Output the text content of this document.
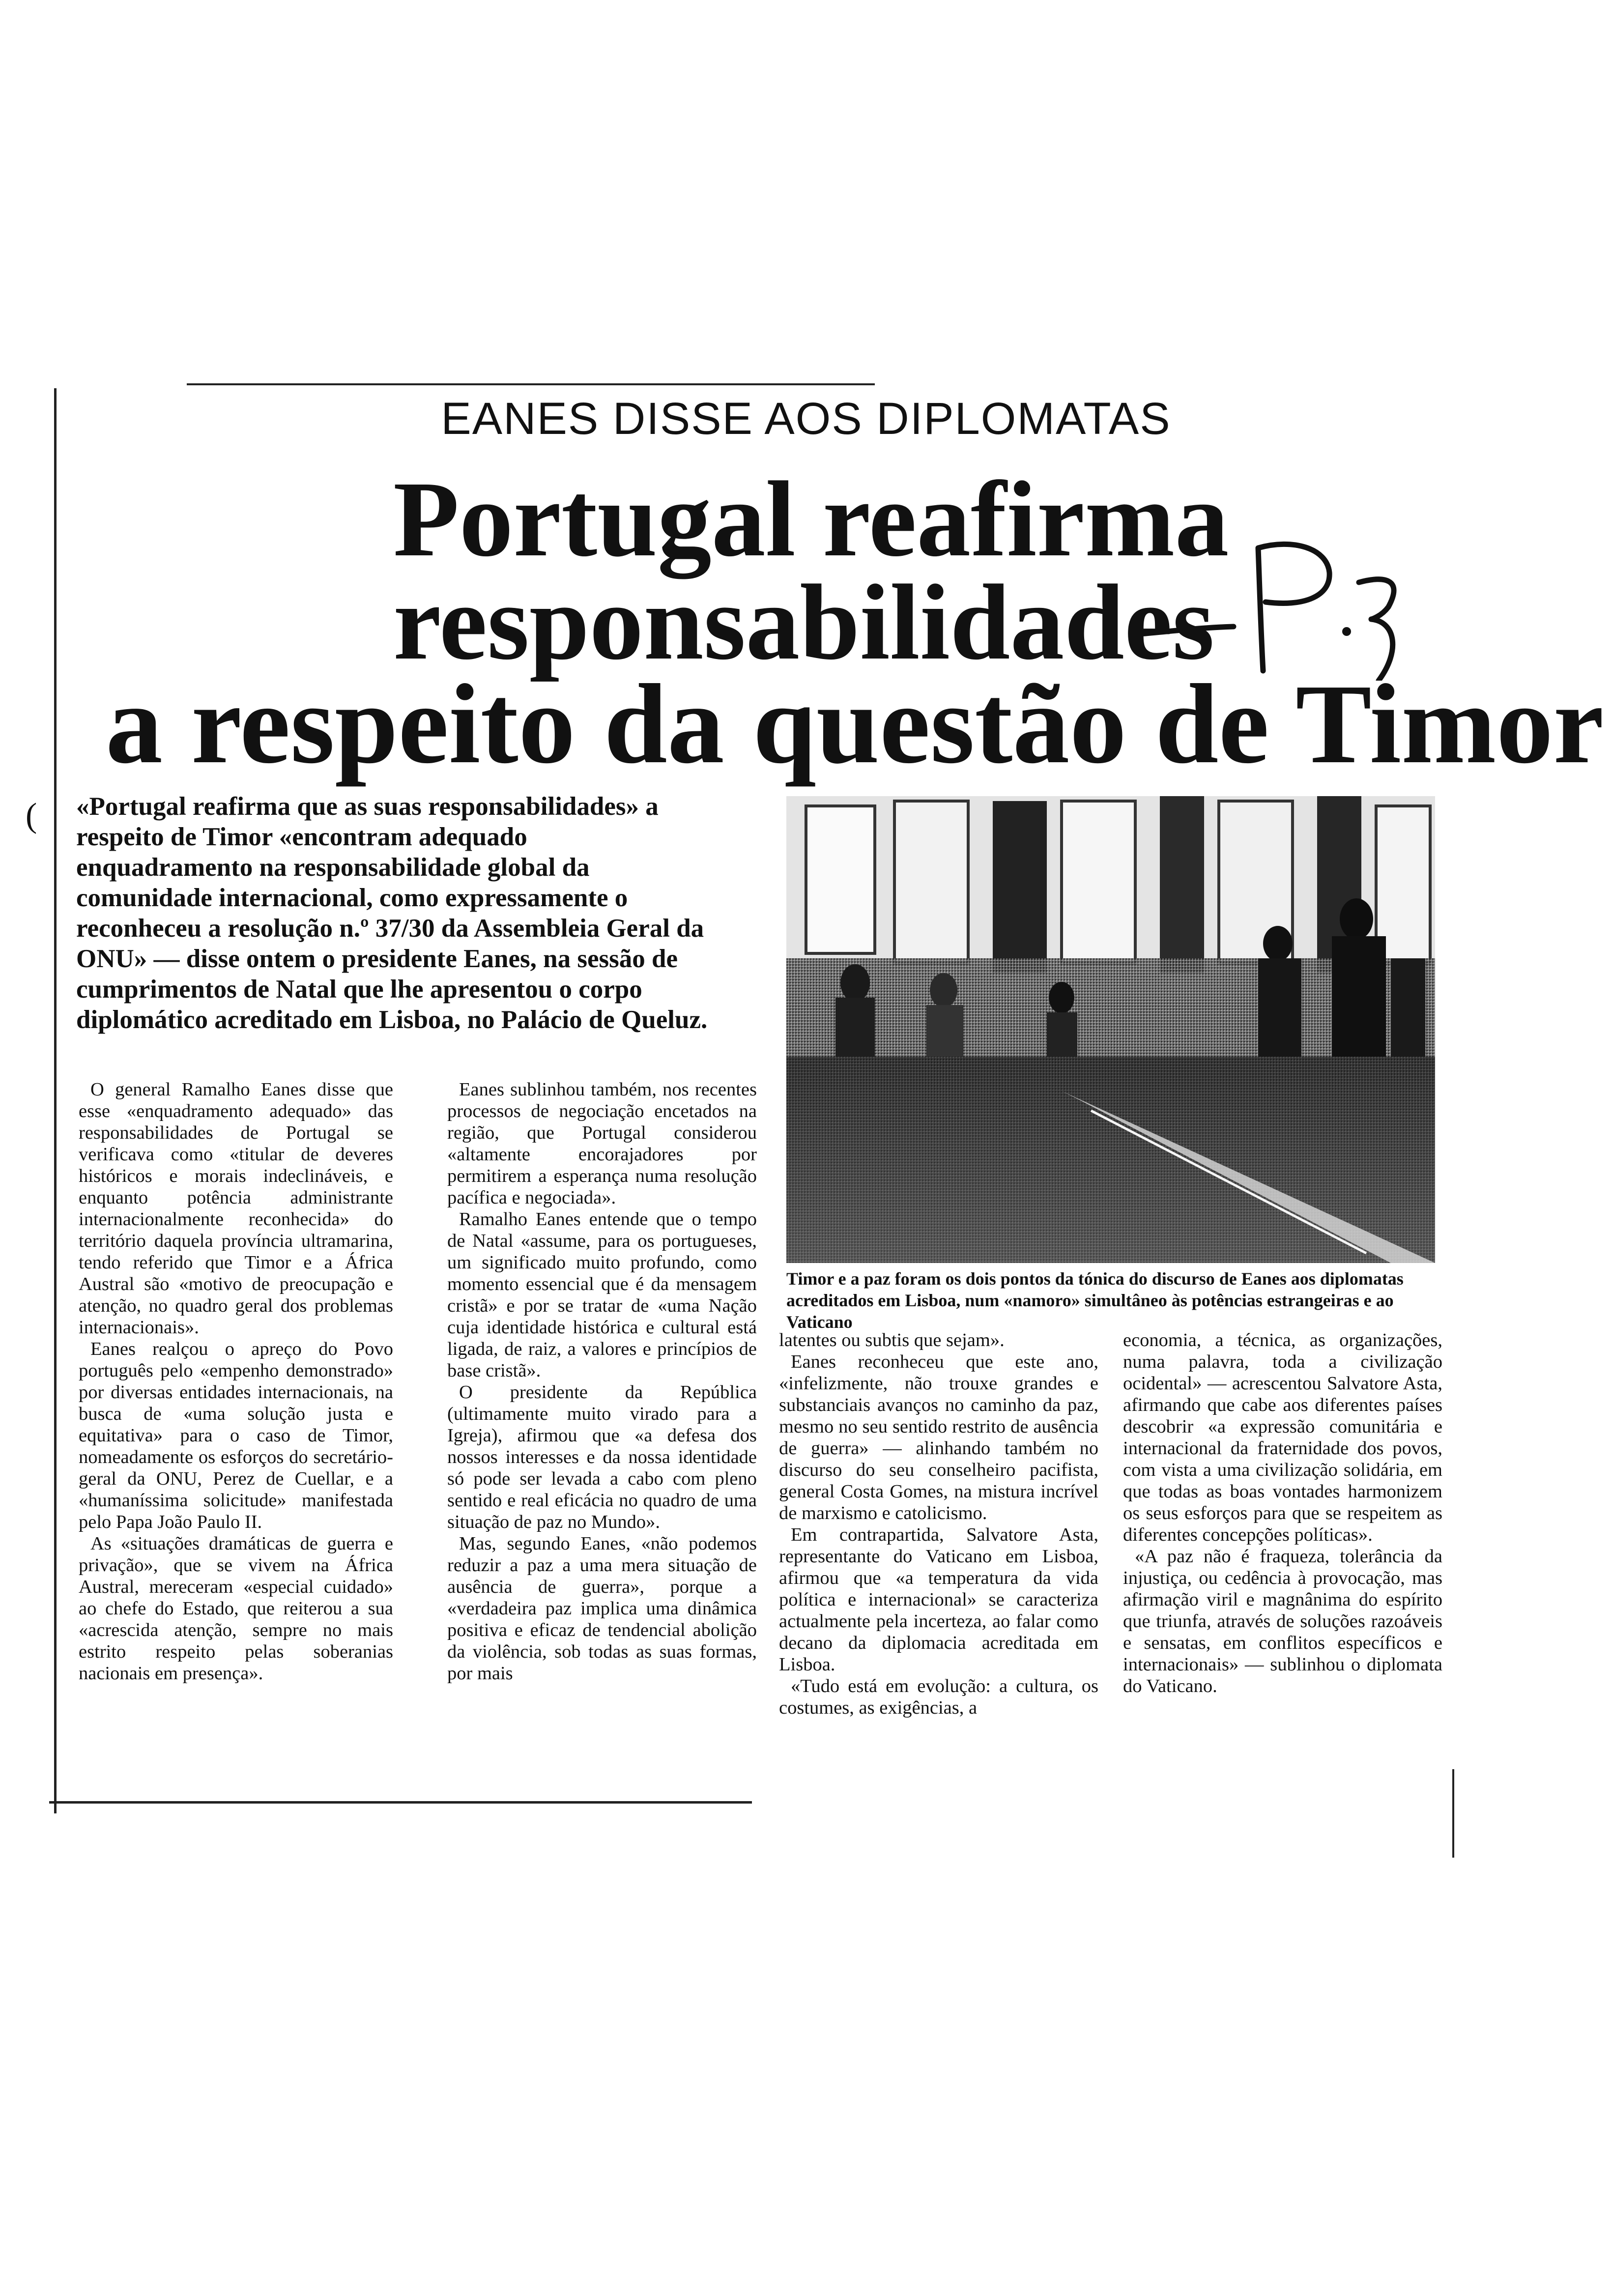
(
EANES DISSE AOS DIPLOMATAS
Portugal reafirma
responsabilidades
a respeito da questão de Timor

«Portugal reafirma que as suas responsabilidades» a respeito de Timor «encontram adequado enquadramento na responsabilidade global da comunidade internacional, como expressamente o reconheceu a resolução n.º 37/30 da Assembleia Geral da ONU» — disse ontem o presidente Eanes, na sessão de cumprimentos de Natal que lhe apresentou o corpo diplomático acreditado em Lisboa, no Palácio de Queluz.

Timor e a paz foram os dois pontos da tónica do discurso de Eanes aos diplomatas acreditados em Lisboa, num «namoro» simultâneo às potências estrangeiras e ao Vaticano

O general Ramalho Eanes disse que esse «enquadramento adequado» das responsabilidades de Portugal se verificava como «titular de deveres históricos e morais indeclináveis, e enquanto potência administrante internacionalmente reconhecida» do território daquela província ultramarina, tendo referido que Timor e a África Austral são «motivo de preocupação e atenção, no quadro geral dos problemas internacionais».

Eanes realçou o apreço do Povo português pelo «empenho demonstrado» por diversas entidades internacionais, na busca de «uma solução justa e equitativa» para o caso de Timor, nomeadamente os esforços do secretário-geral da ONU, Perez de Cuellar, e a «humaníssima solicitude» manifestada pelo Papa João Paulo II.

As «situações dramáticas de guerra e privação», que se vivem na África Austral, mereceram «especial cuidado» ao chefe do Estado, que reiterou a sua «acrescida atenção, sempre no mais estrito respeito pelas soberanias nacionais em presença».

Eanes sublinhou também, nos recentes processos de negociação encetados na região, que Portugal considerou «altamente encorajadores por permitirem a esperança numa resolução pacífica e negociada».

Ramalho Eanes entende que o tempo de Natal «assume, para os portugueses, um significado muito profundo, como momento essencial que é da mensagem cristã» e por se tratar de «uma Nação cuja identidade histórica e cultural está ligada, de raiz, a valores e princípios de base cristã».

O presidente da República (ultimamente muito virado para a Igreja), afirmou que «a defesa dos nossos interesses e da nossa identidade só pode ser levada a cabo com pleno sentido e real eficácia no quadro de uma situação de paz no Mundo».

Mas, segundo Eanes, «não podemos reduzir a paz a uma mera situação de ausência de guerra», porque a «verdadeira paz implica uma dinâmica positiva e eficaz de tendencial abolição da violência, sob todas as suas formas, por mais

latentes ou subtis que sejam».

Eanes reconheceu que este ano, «infelizmente, não trouxe grandes e substanciais avanços no caminho da paz, mesmo no seu sentido restrito de ausência de guerra» — alinhando também no discurso do seu conselheiro pacifista, general Costa Gomes, na mistura incrível de marxismo e catolicismo.

Em contrapartida, Salvatore Asta, representante do Vaticano em Lisboa, afirmou que «a temperatura da vida política e internacional» se caracteriza actualmente pela incerteza, ao falar como decano da diplomacia acreditada em Lisboa.

«Tudo está em evolução: a cultura, os costumes, as exigências, a

economia, a técnica, as organizações, numa palavra, toda a civilização ocidental» — acrescentou Salvatore Asta, afirmando que cabe aos diferentes países descobrir «a expressão comunitária e internacional da fraternidade dos povos, com vista a uma civilização solidária, em que todas as boas vontades harmonizem os seus esforços para que se respeitem as diferentes concepções políticas».

«A paz não é fraqueza, tolerância da injustiça, ou cedência à provocação, mas afirmação viril e magnânima do espírito que triunfa, através de soluções razoáveis e sensatas, em conflitos específicos e internacionais» — sublinhou o diplomata do Vaticano.
